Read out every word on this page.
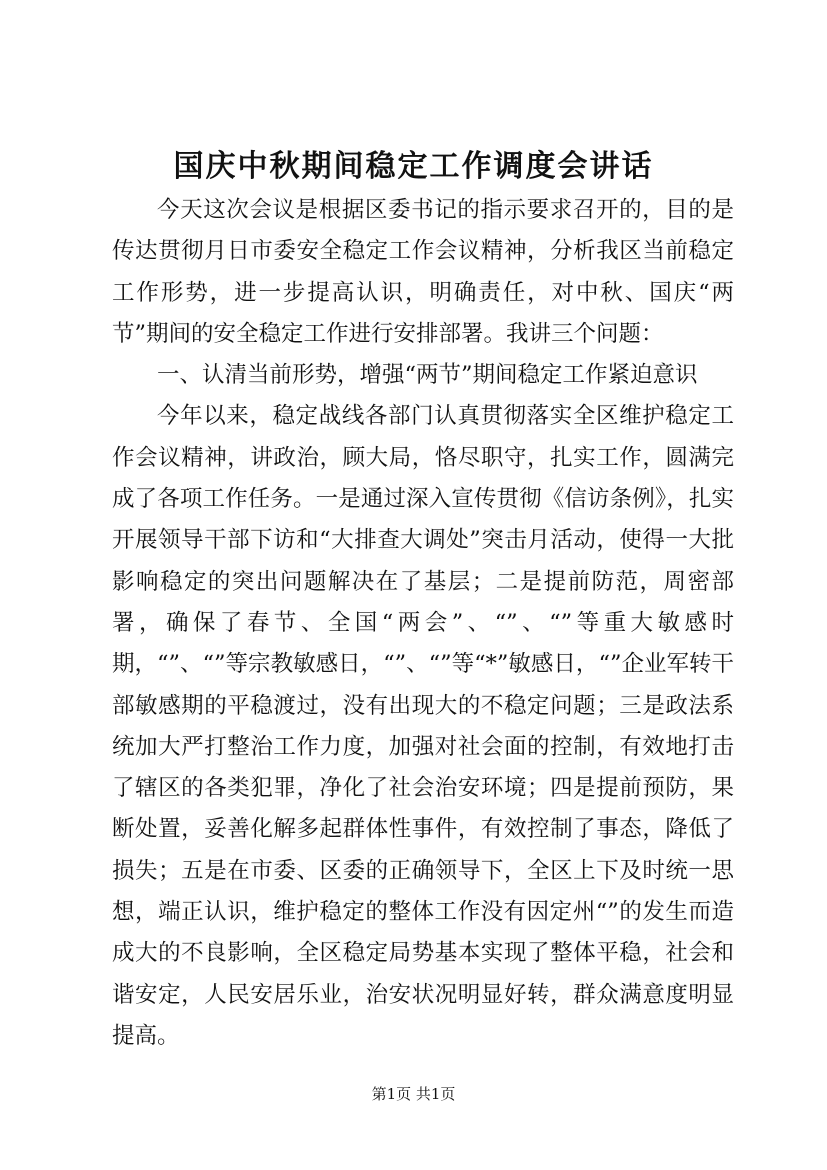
国庆中秋期间稳定工作调度会讲话

今天这次会议是根据区委书记的指示要求召开的，目的是传达贯彻月日市委安全稳定工作会议精神，分析我区当前稳定工作形势，进一步提高认识，明确责任，对中秋、国庆“两节”期间的安全稳定工作进行安排部署。我讲三个问题：

一、认清当前形势，增强“两节”期间稳定工作紧迫意识

今年以来，稳定战线各部门认真贯彻落实全区维护稳定工作会议精神，讲政治，顾大局，恪尽职守，扎实工作，圆满完成了各项工作任务。一是通过深入宣传贯彻《信访条例》，扎实开展领导干部下访和“大排查大调处”突击月活动，使得一大批影响稳定的突出问题解决在了基层；二是提前防范，周密部署，确保了春节、全国“两会”、“”、“”等重大敏感时期，“”、“”等宗教敏感日，“”、“”等“*”敏感日，“”企业军转干部敏感期的平稳渡过，没有出现大的不稳定问题；三是政法系统加大严打整治工作力度，加强对社会面的控制，有效地打击了辖区的各类犯罪，净化了社会治安环境；四是提前预防，果断处置，妥善化解多起群体性事件，有效控制了事态，降低了损失；五是在市委、区委的正确领导下，全区上下及时统一思想，端正认识，维护稳定的整体工作没有因定州“”的发生而造成大的不良影响，全区稳定局势基本实现了整体平稳，社会和谐安定，人民安居乐业，治安状况明显好转，群众满意度明显提高。

第1页 共1页
